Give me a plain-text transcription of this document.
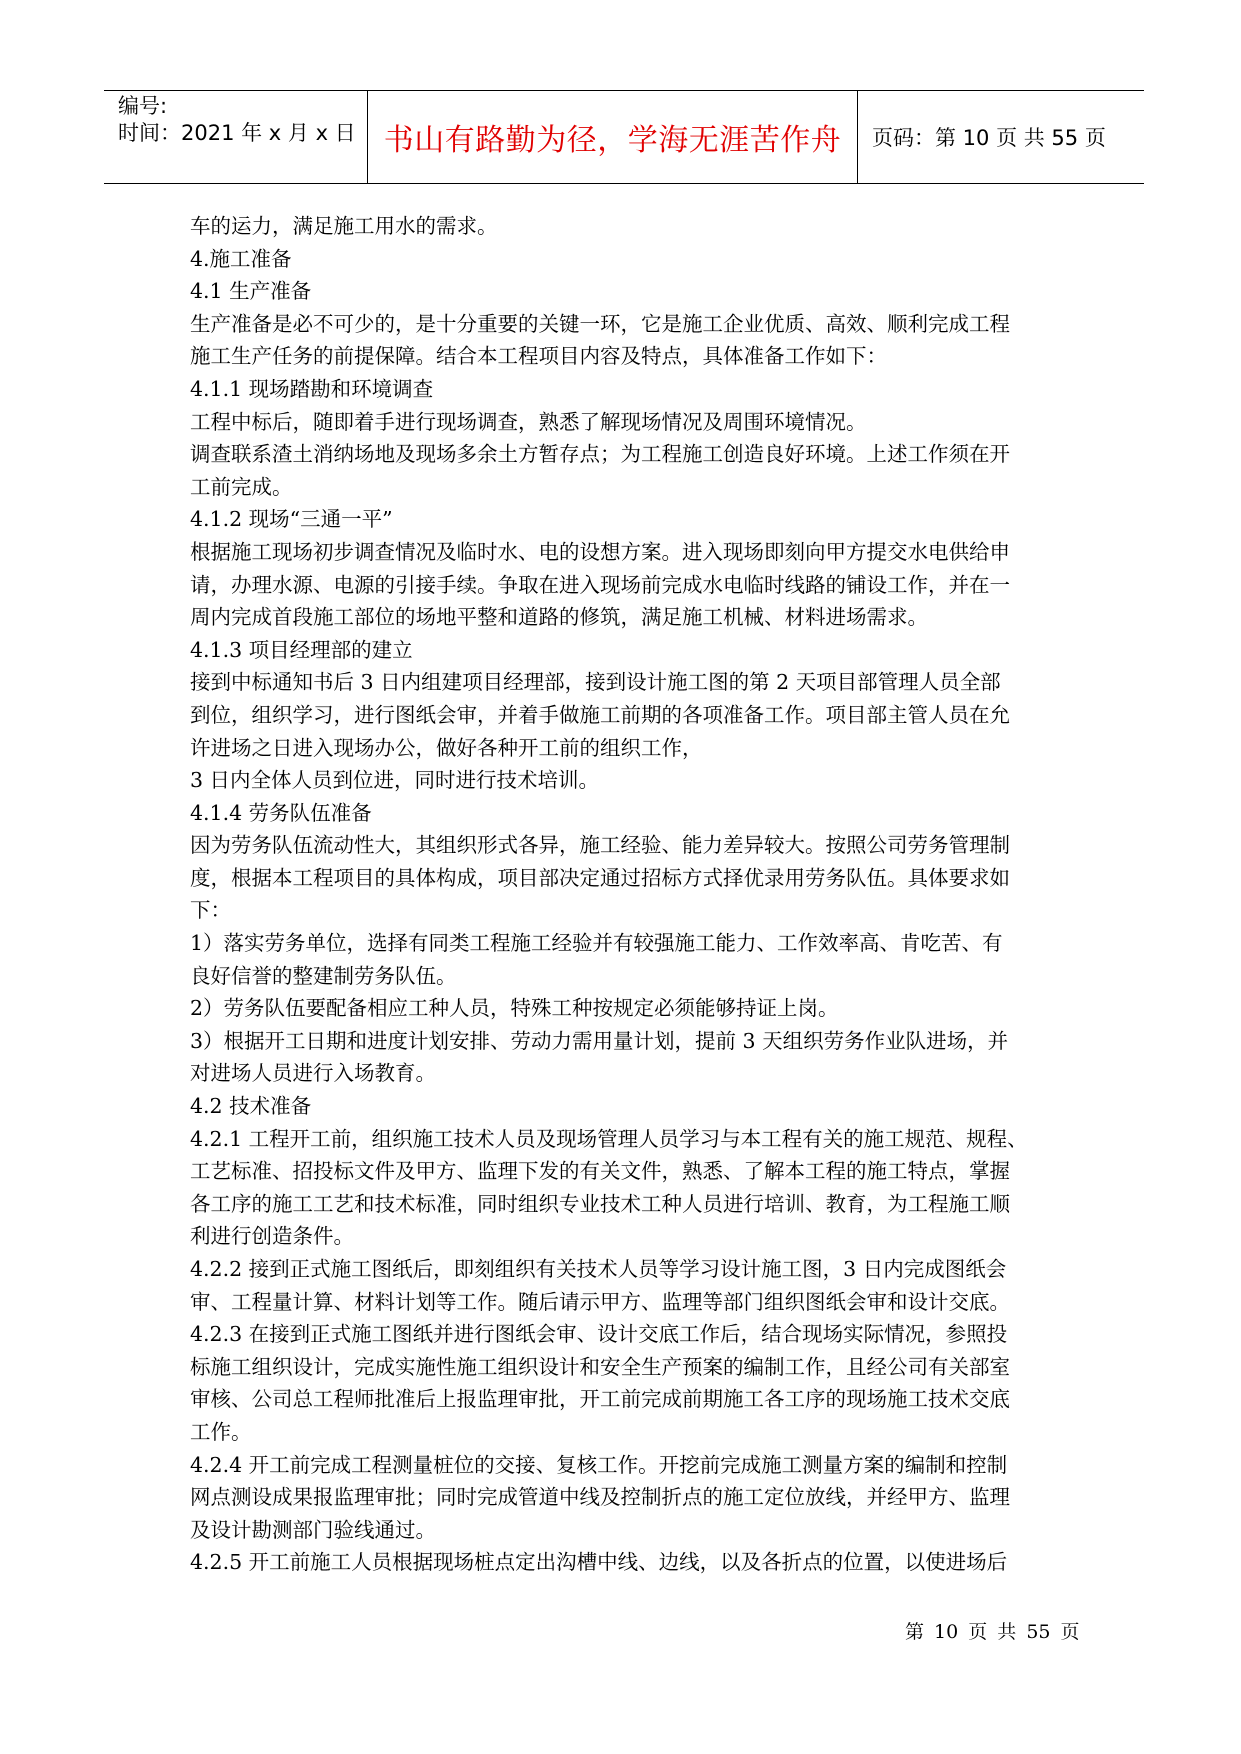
编号:
时间：2021 年 x 月 x 日 书山有路勤为径，学海无涯苦作舟 页码：第 10 页 共 55 页

车的运力，满足施工用水的需求。

4.施工准备

4.1 生产准备

生产准备是必不可少的，是十分重要的关键一环，它是施工企业优质、高效、顺利完成工程

施工生产任务的前提保障。结合本工程项目内容及特点，具体准备工作如下：

4.1.1 现场踏勘和环境调查

工程中标后，随即着手进行现场调查，熟悉了解现场情况及周围环境情况。

调查联系渣土消纳场地及现场多余土方暂存点；为工程施工创造良好环境。上述工作须在开

工前完成。

4.1.2 现场“三通一平”

根据施工现场初步调查情况及临时水、电的设想方案。进入现场即刻向甲方提交水电供给申

请，办理水源、电源的引接手续。争取在进入现场前完成水电临时线路的铺设工作，并在一

周内完成首段施工部位的场地平整和道路的修筑，满足施工机械、材料进场需求。

4.1.3 项目经理部的建立

接到中标通知书后 3 日内组建项目经理部，接到设计施工图的第 2 天项目部管理人员全部

到位，组织学习，进行图纸会审，并着手做施工前期的各项准备工作。项目部主管人员在允

许进场之日进入现场办公，做好各种开工前的组织工作，

3 日内全体人员到位进，同时进行技术培训。

4.1.4 劳务队伍准备

因为劳务队伍流动性大，其组织形式各异，施工经验、能力差异较大。按照公司劳务管理制

度，根据本工程项目的具体构成，项目部决定通过招标方式择优录用劳务队伍。具体要求如

下：

1）落实劳务单位，选择有同类工程施工经验并有较强施工能力、工作效率高、肯吃苦、有

良好信誉的整建制劳务队伍。

2）劳务队伍要配备相应工种人员，特殊工种按规定必须能够持证上岗。

3）根据开工日期和进度计划安排、劳动力需用量计划，提前 3 天组织劳务作业队进场，并

对进场人员进行入场教育。

4.2 技术准备

4.2.1 工程开工前，组织施工技术人员及现场管理人员学习与本工程有关的施工规范、规程、

工艺标准、招投标文件及甲方、监理下发的有关文件，熟悉、了解本工程的施工特点，掌握

各工序的施工工艺和技术标准，同时组织专业技术工种人员进行培训、教育，为工程施工顺

利进行创造条件。

4.2.2 接到正式施工图纸后，即刻组织有关技术人员等学习设计施工图，3 日内完成图纸会

审、工程量计算、材料计划等工作。随后请示甲方、监理等部门组织图纸会审和设计交底。

4.2.3 在接到正式施工图纸并进行图纸会审、设计交底工作后，结合现场实际情况，参照投

标施工组织设计，完成实施性施工组织设计和安全生产预案的编制工作，且经公司有关部室

审核、公司总工程师批准后上报监理审批，开工前完成前期施工各工序的现场施工技术交底

工作。

4.2.4 开工前完成工程测量桩位的交接、复核工作。开挖前完成施工测量方案的编制和控制

网点测设成果报监理审批；同时完成管道中线及控制折点的施工定位放线，并经甲方、监理

及设计勘测部门验线通过。

4.2.5 开工前施工人员根据现场桩点定出沟槽中线、边线，以及各折点的位置，以使进场后

第 10 页 共 55 页
